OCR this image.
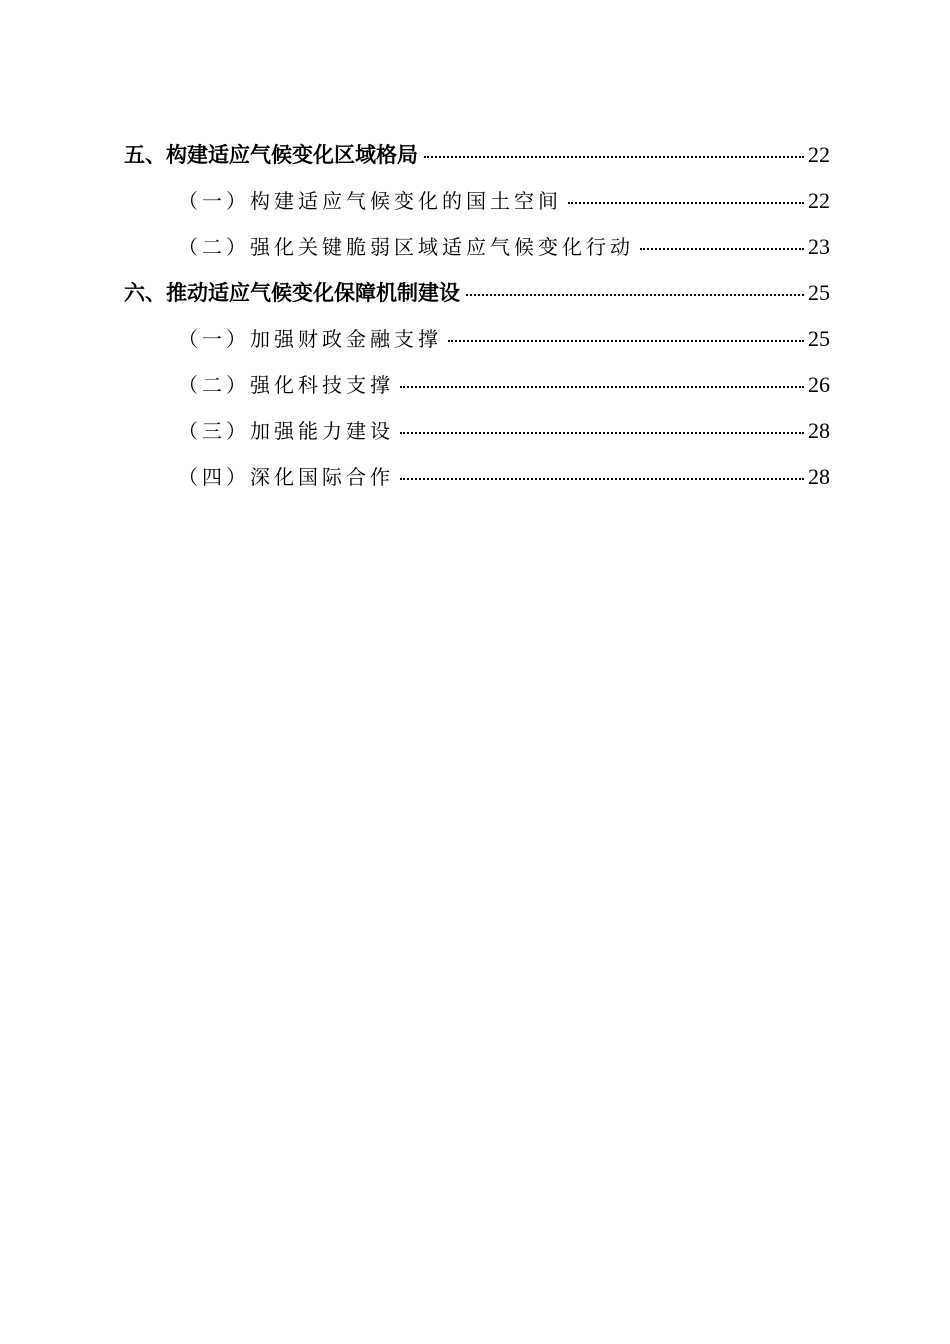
五、构建适应气候变化区域格局	22
（一）构建适应气候变化的国土空间	22
（二）强化关键脆弱区域适应气候变化行动	23
六、推动适应气候变化保障机制建设	25
（一）加强财政金融支撑	25
（二）强化科技支撑	26
（三）加强能力建设	28
（四）深化国际合作	28
